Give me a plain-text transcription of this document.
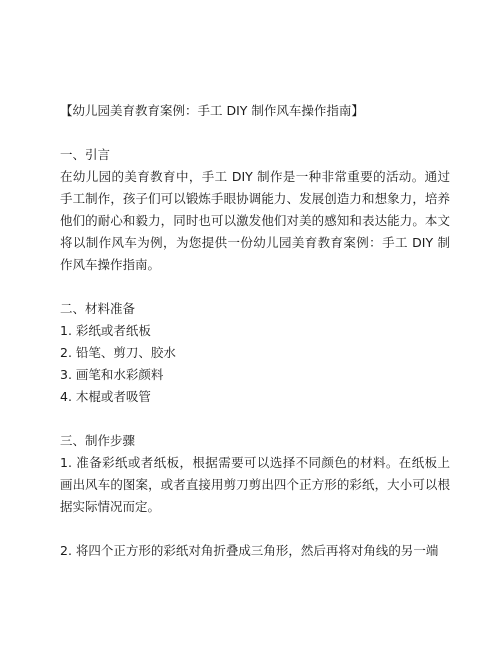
【幼儿园美育教育案例：手工 DIY 制作风车操作指南】

一、引言

在幼儿园的美育教育中，手工 DIY 制作是一种非常重要的活动。通过手工制作，孩子们可以锻炼手眼协调能力、发展创造力和想象力，培养他们的耐心和毅力，同时也可以激发他们对美的感知和表达能力。本文将以制作风车为例，为您提供一份幼儿园美育教育案例：手工 DIY 制作风车操作指南。

二、材料准备

1. 彩纸或者纸板
2. 铅笔、剪刀、胶水
3. 画笔和水彩颜料
4. 木棍或者吸管

三、制作步骤

1. 准备彩纸或者纸板，根据需要可以选择不同颜色的材料。在纸板上画出风车的图案，或者直接用剪刀剪出四个正方形的彩纸，大小可以根据实际情况而定。

2. 将四个正方形的彩纸对角折叠成三角形，然后再将对角线的另一端
